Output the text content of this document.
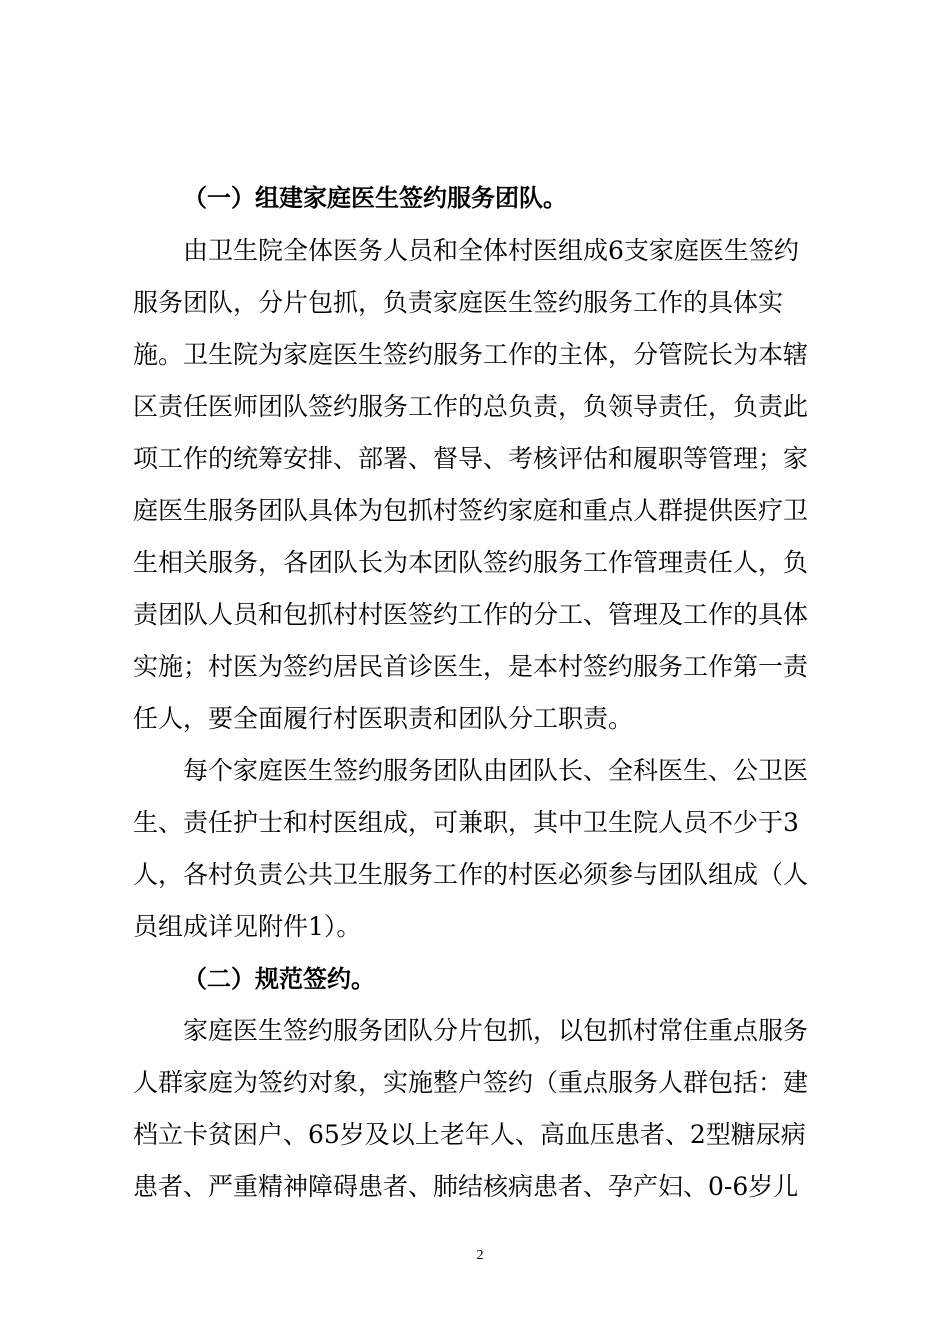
（一）组建家庭医生签约服务团队。

由卫生院全体医务人员和全体村医组成6支家庭医生签约

服务团队，分片包抓，负责家庭医生签约服务工作的具体实

施。卫生院为家庭医生签约服务工作的主体，分管院长为本辖

区责任医师团队签约服务工作的总负责，负领导责任，负责此

项工作的统筹安排、部署、督导、考核评估和履职等管理；家

庭医生服务团队具体为包抓村签约家庭和重点人群提供医疗卫

生相关服务，各团队长为本团队签约服务工作管理责任人，负

责团队人员和包抓村村医签约工作的分工、管理及工作的具体

实施；村医为签约居民首诊医生，是本村签约服务工作第一责

任人，要全面履行村医职责和团队分工职责。

每个家庭医生签约服务团队由团队长、全科医生、公卫医

生、责任护士和村医组成，可兼职，其中卫生院人员不少于3

人，各村负责公共卫生服务工作的村医必须参与团队组成（人

员组成详见附件1）。

（二）规范签约。

家庭医生签约服务团队分片包抓，以包抓村常住重点服务

人群家庭为签约对象，实施整户签约（重点服务人群包括：建

档立卡贫困户、65岁及以上老年人、高血压患者、2型糖尿病

患者、严重精神障碍患者、肺结核病患者、孕产妇、0-6岁儿

2
